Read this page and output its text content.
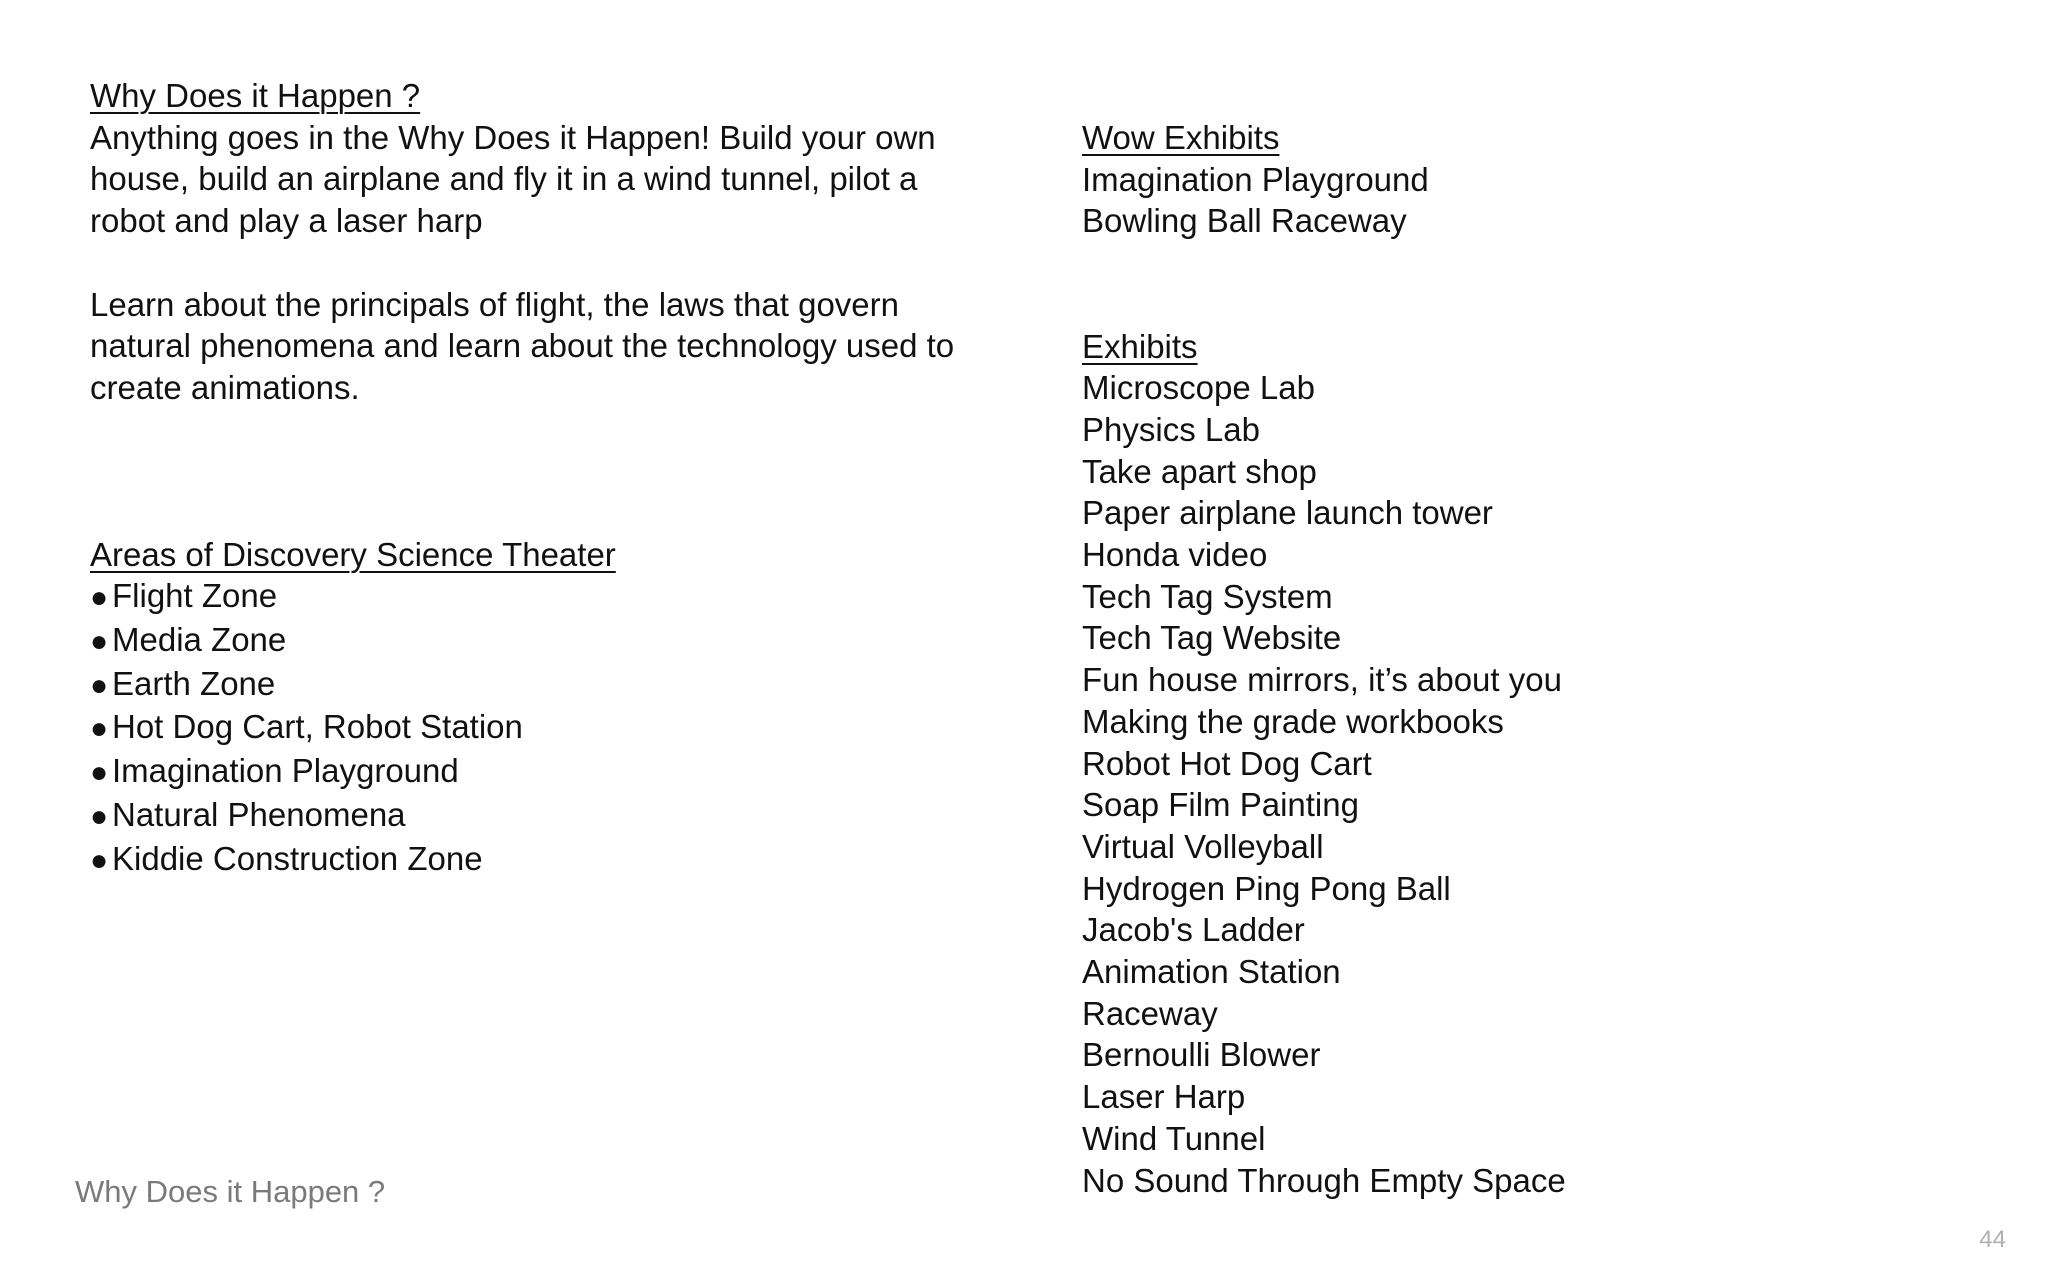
Why Does it Happen ?
Anything goes in the Why Does it Happen! Build your own
house, build an airplane and fly it in a wind tunnel, pilot a
robot and play a laser harp
Learn about the principals of flight, the laws that govern
natural phenomena and learn about the technology used to
create animations.
Areas of Discovery Science Theater
● Flight Zone
● Media Zone
● Earth Zone
● Hot Dog Cart, Robot Station
● Imagination Playground
● Natural Phenomena
● Kiddie Construction Zone
Wow Exhibits
Imagination Playground
Bowling Ball Raceway
Exhibits
Microscope Lab
Physics Lab
Take apart shop
Paper airplane launch tower
Honda video
Tech Tag System
Tech Tag Website
Fun house mirrors, it’s about you
Making the grade workbooks
Robot Hot Dog Cart
Soap Film Painting
Virtual Volleyball
Hydrogen Ping Pong Ball
Jacob's Ladder
Animation Station
Raceway
Bernoulli Blower
Laser Harp
Wind Tunnel
No Sound Through Empty Space
Why Does it Happen ?
44
